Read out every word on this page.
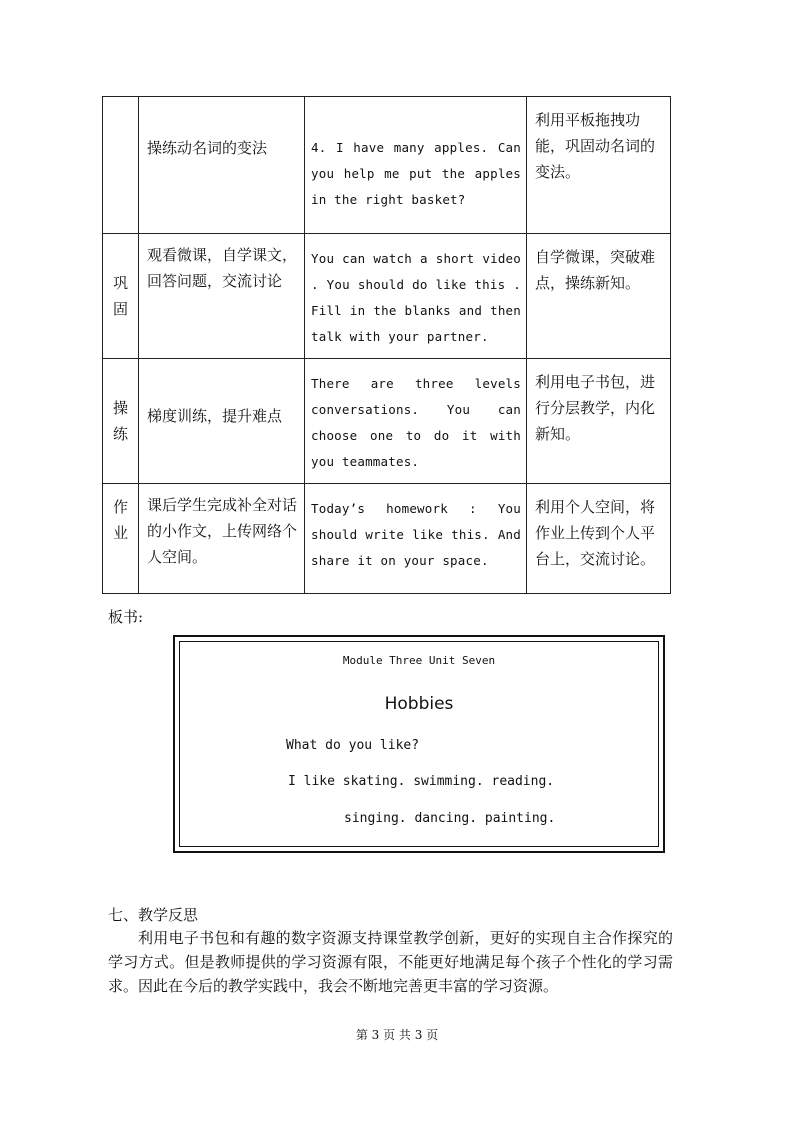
	操练动名词的变法	4. I have many apples. Can you help me put the apples in the right basket?	利用平板拖拽功能，巩固动名词的变法。

巩固	观看微课，自学课文，回答问题，交流讨论	You can watch a short video . You should do like this . Fill in the blanks and then talk with your partner.	自学微课，突破难点，操练新知。

操练	梯度训练，提升难点	There are three levels conversations. You can choose one to do it with you teammates.	利用电子书包，进行分层教学，内化新知。

作业	课后学生完成补全对话的小作文，上传网络个人空间。	Today’s homework : You should write like this. And share it on your space.	利用个人空间，将作业上传到个人平台上，交流讨论。
板书:
Module Three Unit Seven
Hobbies
What do you like?
I like skating. swimming. reading.
singing. dancing. painting.
七、教学反思
利用电子书包和有趣的数字资源支持课堂教学创新，更好的实现自主合作探究的学习方式。但是教师提供的学习资源有限，不能更好地满足每个孩子个性化的学习需求。因此在今后的教学实践中，我会不断地完善更丰富的学习资源。
第 3 页 共 3 页
